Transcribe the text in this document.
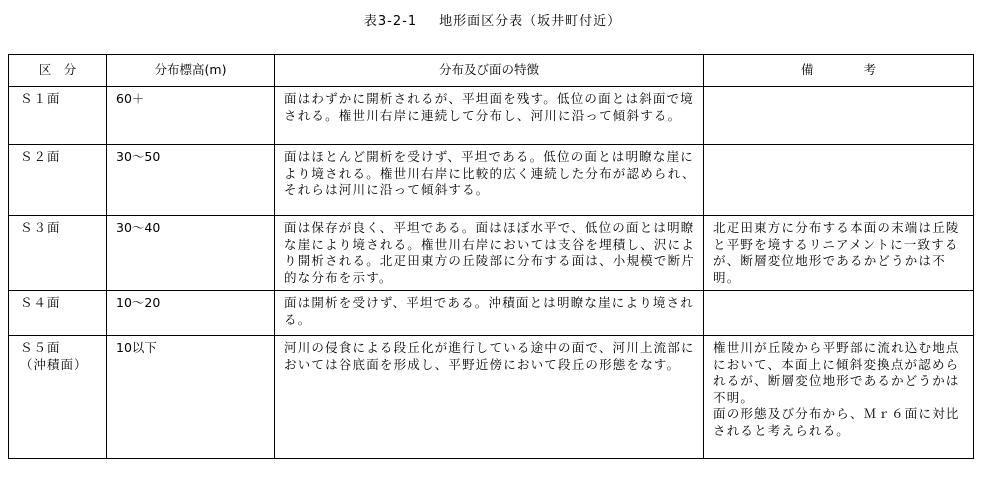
表3-2-1 地形面区分表（坂井町付近）
区　分	分布標高(m)	分布及び面の特徴	備　　　　考
Ｓ１面	60＋	面はわずかに開析されるが、平坦面を残す。低位の面とは斜面で境される。権世川右岸に連続して分布し、河川に沿って傾斜する。	
Ｓ２面	30～50	面はほとんど開析を受けず、平坦である。低位の面とは明瞭な崖により境される。権世川右岸に比較的広く連続した分布が認められ、それらは河川に沿って傾斜する。	
Ｓ３面	30～40	面は保存が良く、平坦である。面はほぼ水平で、低位の面とは明瞭な崖により境される。権世川右岸においては支谷を埋積し、沢により開析される。北疋田東方の丘陵部に分布する面は、小規模で断片的な分布を示す。	北疋田東方に分布する本面の末端は丘陵と平野を境するリニアメントに一致するが、断層変位地形であるかどうかは不明。
Ｓ４面	10～20	面は開析を受けず、平坦である。沖積面とは明瞭な崖により境される。	

Ｓ５面
（沖積面）	10以下	河川の侵食による段丘化が進行している途中の面で、河川上流部においては谷底面を形成し、平野近傍において段丘の形態をなす。	権世川が丘陵から平野部に流れ込む地点において、本面上に傾斜変換点が認められるが、断層変位地形であるかどうかは不明。
面の形態及び分布から、Ｍｒ６面に対比されると考えられる。
